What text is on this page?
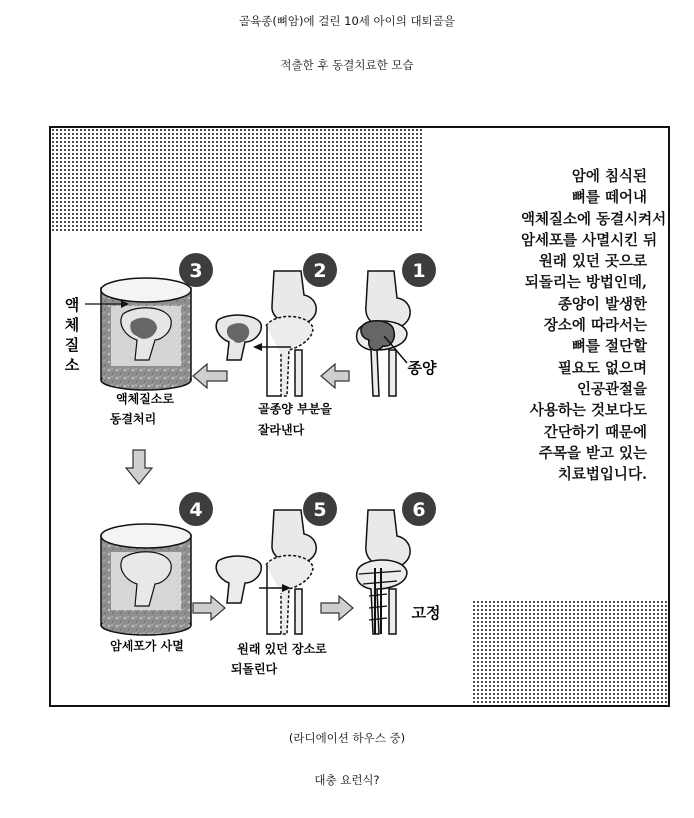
골육종(뼈암)에 걸린 10세 아이의 대퇴골을
적출한 후 동결치료한 모습
1
2
3
4	5	6
종양
골종양 부분을
잘라낸다
액
체
질
소
액체질소로
동결처리
암세포가 사멸	원래 있던 장소로
되돌린다
고정
암에 침식된
뼈를 떼어내
액체질소에 동결시켜서
암세포를 사멸시킨 뒤
원래 있던 곳으로
되돌리는 방법인데,
종양이 발생한
장소에 따라서는
뼈를 절단할
필요도 없으며
인공관절을
사용하는 것보다도
간단하기 때문에
주목을 받고 있는
치료법입니다.
(라디에이션 하우스 중)
대충 요런식?
